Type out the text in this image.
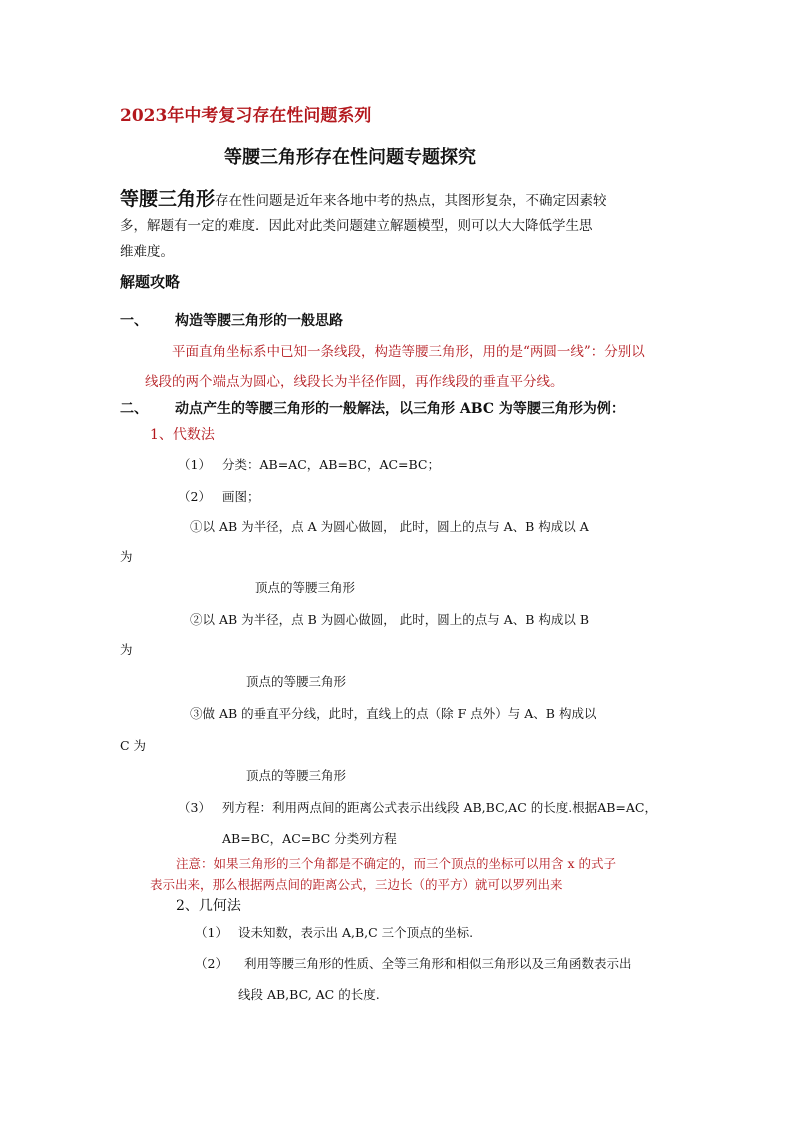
2023年中考复习存在性问题系列
等腰三角形存在性问题专题探究
等腰三角形存在性问题是近年来各地中考的热点，其图形复杂，不确定因素较
多，解题有一定的难度．因此对此类问题建立解题模型，则可以大大降低学生思
维难度。
解题攻略
一、 构造等腰三角形的一般思路
平面直角坐标系中已知一条线段，构造等腰三角形，用的是“两圆一线”：分别以
线段的两个端点为圆心，线段长为半径作圆，再作线段的垂直平分线。
二、 动点产生的等腰三角形的一般解法，以三角形 ABC 为等腰三角形为例：
1、代数法
（1） 分类：AB=AC，AB=BC，AC=BC；
（2） 画图；
①以 AB 为半径，点 A 为圆心做圆， 此时，圆上的点与 A、B 构成以 A
为
顶点的等腰三角形
②以 AB 为半径，点 B 为圆心做圆， 此时，圆上的点与 A、B 构成以 B
为
顶点的等腰三角形
③做 AB 的垂直平分线，此时，直线上的点（除 F 点外）与 A、B 构成以
C 为
顶点的等腰三角形
（3） 列方程：利用两点间的距离公式表示出线段 AB,BC,AC 的长度.根据AB=AC，
AB=BC，AC=BC 分类列方程
注意：如果三角形的三个角都是不确定的，而三个顶点的坐标可以用含 x 的式子
表示出来，那么根据两点间的距离公式，三边长（的平方）就可以罗列出来
2、几何法
（1） 设未知数，表示出 A,B,C 三个顶点的坐标.
（2） 利用等腰三角形的性质、全等三角形和相似三角形以及三角函数表示出
线段 AB,BC, AC 的长度.
